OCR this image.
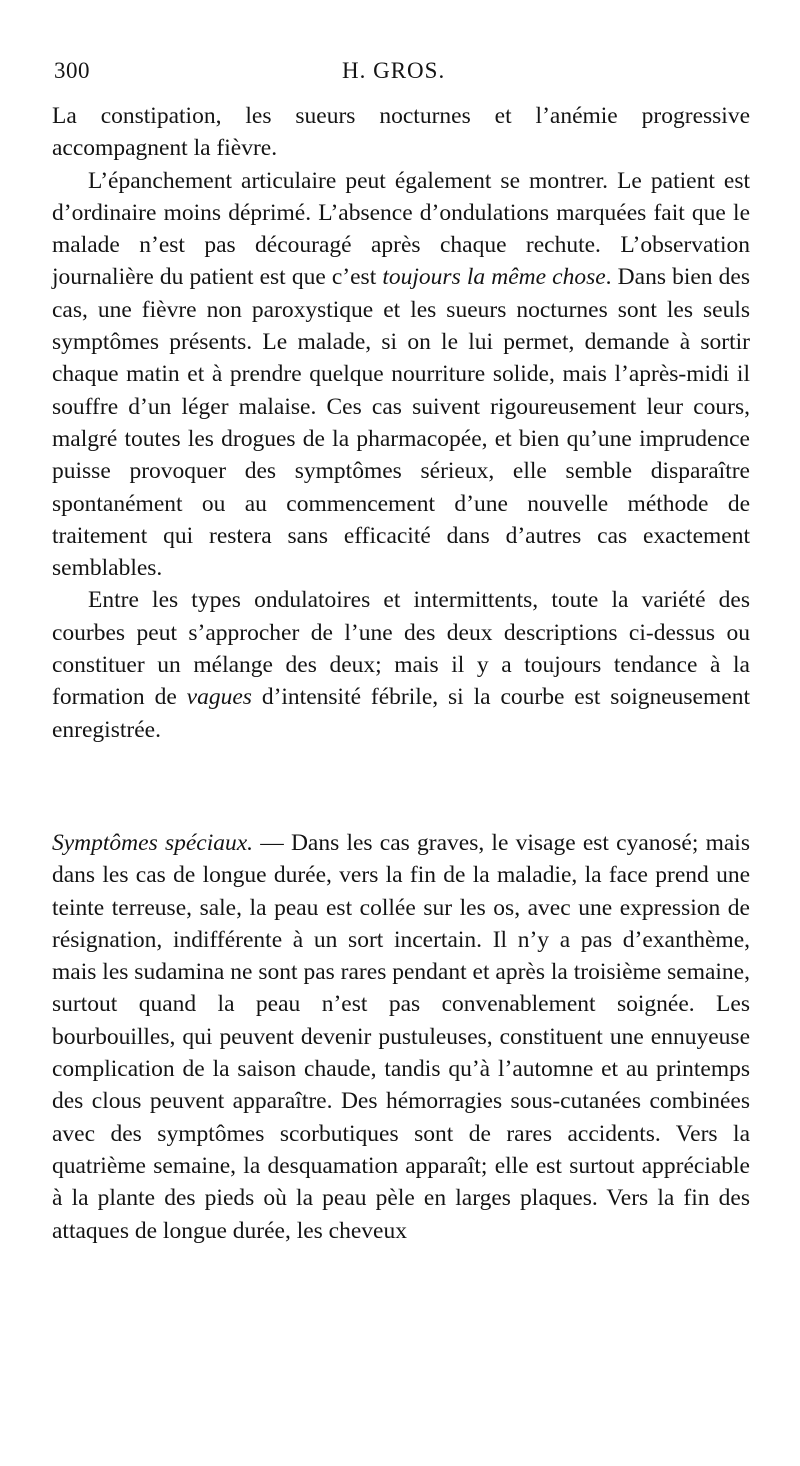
300	H. GROS.

La constipation, les sueurs nocturnes et l’anémie progressive accompagnent la fièvre.

L’épanchement articulaire peut également se montrer. Le patient est d’ordinaire moins déprimé. L’absence d’ondulations marquées fait que le malade n’est pas découragé après chaque rechute. L’observation journalière du patient est que c’est toujours la même chose. Dans bien des cas, une fièvre non paroxystique et les sueurs nocturnes sont les seuls symptômes présents. Le malade, si on le lui permet, demande à sortir chaque matin et à prendre quelque nourriture solide, mais l’après-midi il souffre d’un léger malaise. Ces cas suivent rigoureusement leur cours, malgré toutes les drogues de la pharmacopée, et bien qu’une imprudence puisse provoquer des symptômes sérieux, elle semble disparaître spontanément ou au commencement d’une nouvelle méthode de traitement qui restera sans efficacité dans d’autres cas exactement semblables.

Entre les types ondulatoires et intermittents, toute la variété des courbes peut s’approcher de l’une des deux descriptions ci-dessus ou constituer un mélange des deux; mais il y a toujours tendance à la formation de vagues d’intensité fébrile, si la courbe est soigneusement enregistrée.

Symptômes spéciaux. — Dans les cas graves, le visage est cyanosé; mais dans les cas de longue durée, vers la fin de la maladie, la face prend une teinte terreuse, sale, la peau est collée sur les os, avec une expression de résignation, indifférente à un sort incertain. Il n’y a pas d’exanthème, mais les sudamina ne sont pas rares pendant et après la troisième semaine, surtout quand la peau n’est pas convenablement soignée. Les bourbouilles, qui peuvent devenir pustuleuses, constituent une ennuyeuse complication de la saison chaude, tandis qu’à l’automne et au printemps des clous peuvent apparaître. Des hémorragies sous-cutanées combinées avec des symptômes scorbutiques sont de rares accidents. Vers la quatrième semaine, la desquamation apparaît; elle est surtout appréciable à la plante des pieds où la peau pèle en larges plaques. Vers la fin des attaques de longue durée, les cheveux
